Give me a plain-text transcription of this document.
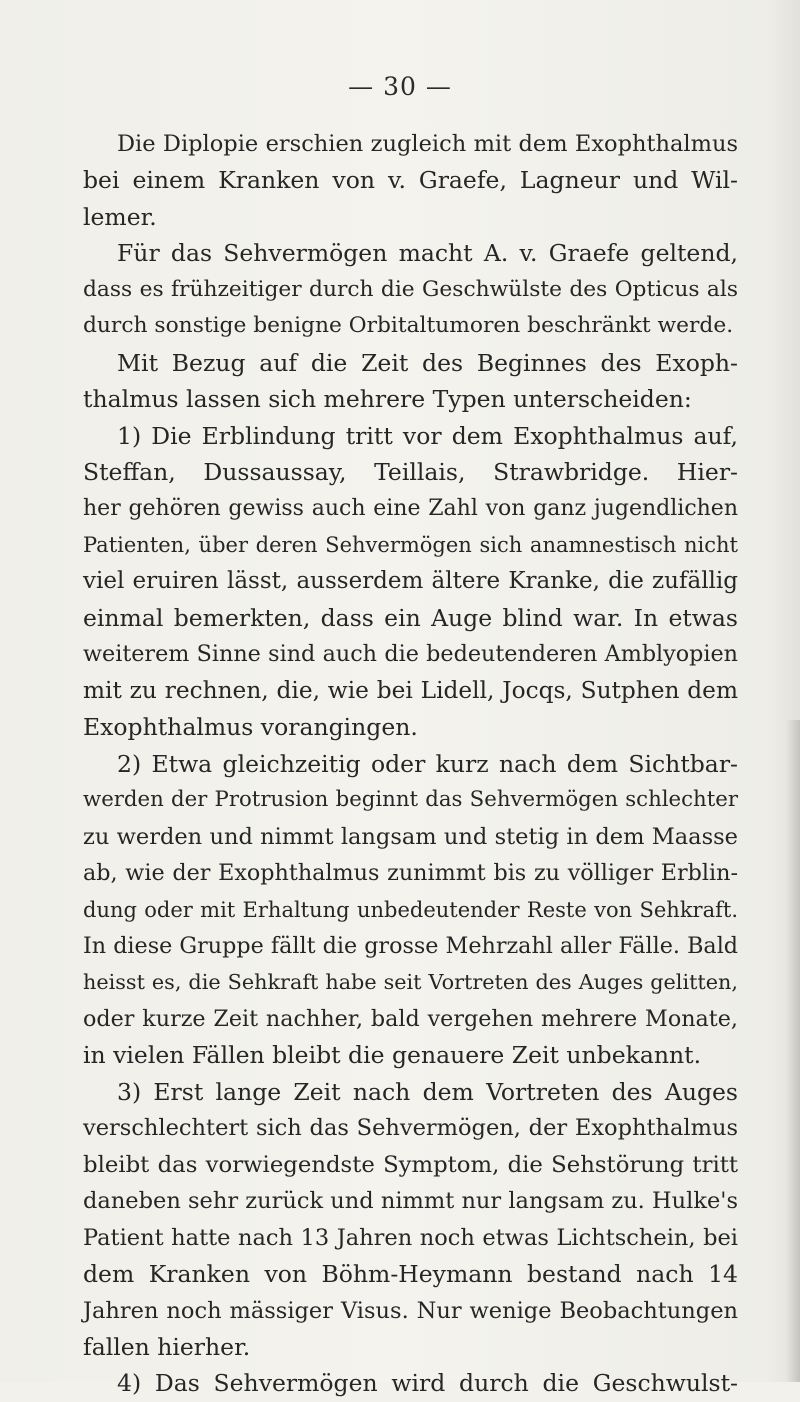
— 30 —
Die Diplopie erschien zugleich mit dem Exophthalmus
bei einem Kranken von v. Graefe, Lagneur und Wil-
lemer.
Für das Sehvermögen macht A. v. Graefe geltend,
dass es frühzeitiger durch die Geschwülste des Opticus als
durch sonstige benigne Orbitaltumoren beschränkt werde.
Mit Bezug auf die Zeit des Beginnes des Exoph-
thalmus lassen sich mehrere Typen unterscheiden:
1) Die Erblindung tritt vor dem Exophthalmus auf,
Steffan, Dussaussay, Teillais, Strawbridge. Hier-
her gehören gewiss auch eine Zahl von ganz jugendlichen
Patienten, über deren Sehvermögen sich anamnestisch nicht
viel eruiren lässt, ausserdem ältere Kranke, die zufällig
einmal bemerkten, dass ein Auge blind war. In etwas
weiterem Sinne sind auch die bedeutenderen Amblyopien
mit zu rechnen, die, wie bei Lidell, Jocqs, Sutphen dem
Exophthalmus vorangingen.
2) Etwa gleichzeitig oder kurz nach dem Sichtbar-
werden der Protrusion beginnt das Sehvermögen schlechter
zu werden und nimmt langsam und stetig in dem Maasse
ab, wie der Exophthalmus zunimmt bis zu völliger Erblin-
dung oder mit Erhaltung unbedeutender Reste von Sehkraft.
In diese Gruppe fällt die grosse Mehrzahl aller Fälle. Bald
heisst es, die Sehkraft habe seit Vortreten des Auges gelitten,
oder kurze Zeit nachher, bald vergehen mehrere Monate,
in vielen Fällen bleibt die genauere Zeit unbekannt.
3) Erst lange Zeit nach dem Vortreten des Auges
verschlechtert sich das Sehvermögen, der Exophthalmus
bleibt das vorwiegendste Symptom, die Sehstörung tritt
daneben sehr zurück und nimmt nur langsam zu. Hulke's
Patient hatte nach 13 Jahren noch etwas Lichtschein, bei
dem Kranken von Böhm-Heymann bestand nach 14
Jahren noch mässiger Visus. Nur wenige Beobachtungen
fallen hierher.
4) Das Sehvermögen wird durch die Geschwulst-
